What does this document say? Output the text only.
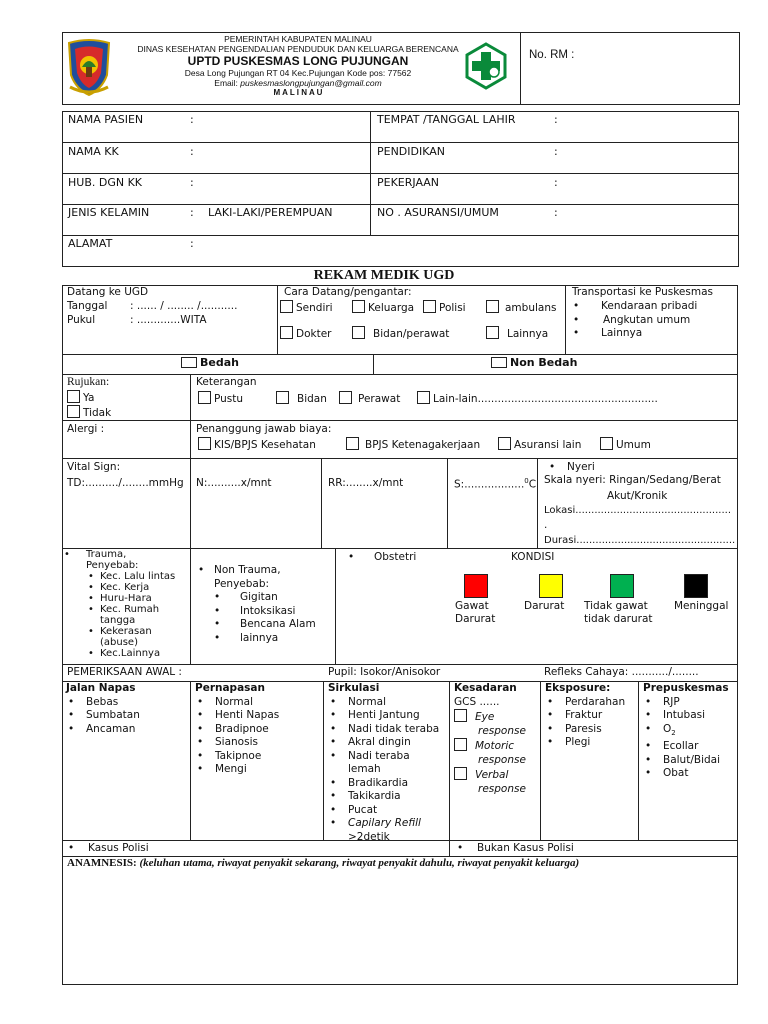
PEMERINTAH KABUPATEN MALINAU
DINAS KESEHATAN PENGENDALIAN PENDUDUK DAN KELUARGA BERENCANA
UPTD PUSKESMAS LONG PUJUNGAN
Desa Long Pujungan RT 04 Kec.Pujungan Kode pos: 77562
Email: puskesmaslongpujungan@gmail.com
M A L I N A U
No. RM :
NAMA PASIEN	:
NAMA KK	:
HUB. DGN KK	:
JENIS KELAMIN	: LAKI-LAKI/PEREMPUAN
ALAMAT	:
TEMPAT /TANGGAL LAHIR	:
PENDIDIKAN	:
PEKERJAAN	:
NO . ASURANSI/UMUM	:
REKAM MEDIK UGD
Datang ke UGD
Tanggal : ...... / ........ /...........
Pukul	: .............WITA
Cara Datang/pengantar:
Sendiri	Keluarga	Polisi	ambulans
Dokter	Bidan/perawat	Lainnya
Transportasi ke Puskesmas
• Kendaraan pribadi
• Angkutan umum
• Lainnya
Bedah	Non Bedah
Rujukan:
Ya
Tidak
Keterangan
Pustu	Bidan	Perawat	Lain-lain......................................................
Alergi :	Penanggung jawab biaya:
KIS/BPJS Kesehatan	BPJS Ketenagakerjaan	Asuransi lain	Umum
Vital Sign:
TD:........../........mmHg N:..........x/mnt	RR:........x/mnt	S:..................$^0$C
• Nyeri
Skala nyeri: Ringan/Sedang/Berat
Akut/Kronik
Lokasi.................................................
.
Durasi..................................................
• Trauma,
Penyebab:
• Kec. Lalu lintas
• Kec. Kerja
• Huru-Hara
• Kec. Rumah
tangga
• Kekerasan
(abuse)
• Kec.Lainnya
• Non Trauma,
Penyebab:
• Gigitan
• Intoksikasi
• Bencana Alam
• lainnya
• Obstetri	KONDISI
Gawat
Darurat
Darurat Tidak gawat
tidak darurat
Meninggal
PEMERIKSAAN AWAL :	Pupil: Isokor/Anisokor	Refleks Cahaya: .........../........
Jalan Napas
• Bebas
• Sumbatan
• Ancaman
Pernapasan
• Normal
• Henti Napas
• Bradipnoe
• Sianosis
• Takipnoe
• Mengi
Sirkulasi
• Normal
• Henti Jantung
• Nadi tidak teraba
• Akral dingin
• Nadi teraba
lemah
• Bradikardia
• Takikardia
• Pucat
• Capilary Refill
>2detik
Kesadaran
GCS ......
Eye
response
Motoric
response
Verbal
response
Eksposure:
• Perdarahan
• Fraktur
• Paresis
• Plegi
Prepuskesmas
• RJP
• Intubasi
• $O_2$
• Ecollar
• Balut/Bidai
• Obat
• Kasus Polisi
•	Bukan Kasus Polisi
ANAMNESIS: (keluhan utama, riwayat penyakit sekarang, riwayat penyakit dahulu, riwayat penyakit keluarga)
